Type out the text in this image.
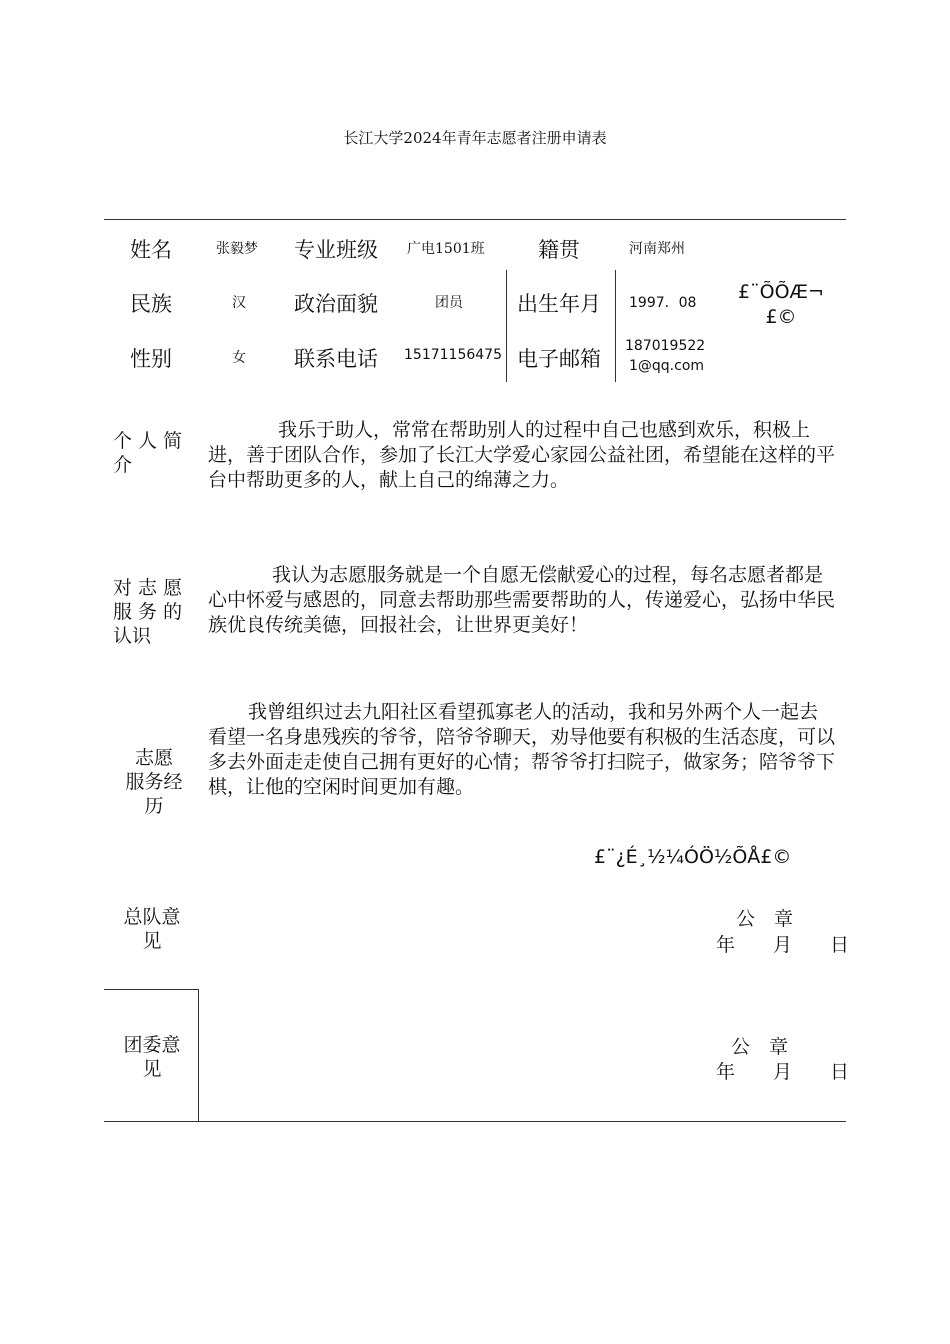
长江大学2024年青年志愿者注册申请表
姓名	张毅梦 专业班级 广电1501班	籍贯	河南郑州
民族	汉 政治面貌	团员	出生年月 1997．08
性别	女 联系电话 15171156475 电子邮箱
187019522
1@qq.com
£¨ÕÕÆ¬
£©
个 人 简
介
我乐于助人，常常在帮助别人的过程中自己也感到欢乐，积极上进，善于团队合作，参加了长江大学爱心家园公益社团，希望能在这样的平台中帮助更多的人，献上自己的绵薄之力。
对 志 愿
服 务 的
认识
我认为志愿服务就是一个自愿无偿献爱心的过程，每名志愿者都是心中怀爱与感恩的，同意去帮助那些需要帮助的人，传递爱心，弘扬中华民族优良传统美德，回报社会，让世界更美好！
志愿
服务经
历
我曾组织过去九阳社区看望孤寡老人的活动，我和另外两个人一起去看望一名身患残疾的爷爷，陪爷爷聊天，劝导他要有积极的生活态度，可以多去外面走走使自己拥有更好的心情；帮爷爷打扫院子，做家务；陪爷爷下棋，让他的空闲时间更加有趣。
£¨¿É¸½¼ÓÖ½ÕÅ£©
总队意
见
公　章
年　　月　　日
团委意
见
公　章
年　　月　　日
